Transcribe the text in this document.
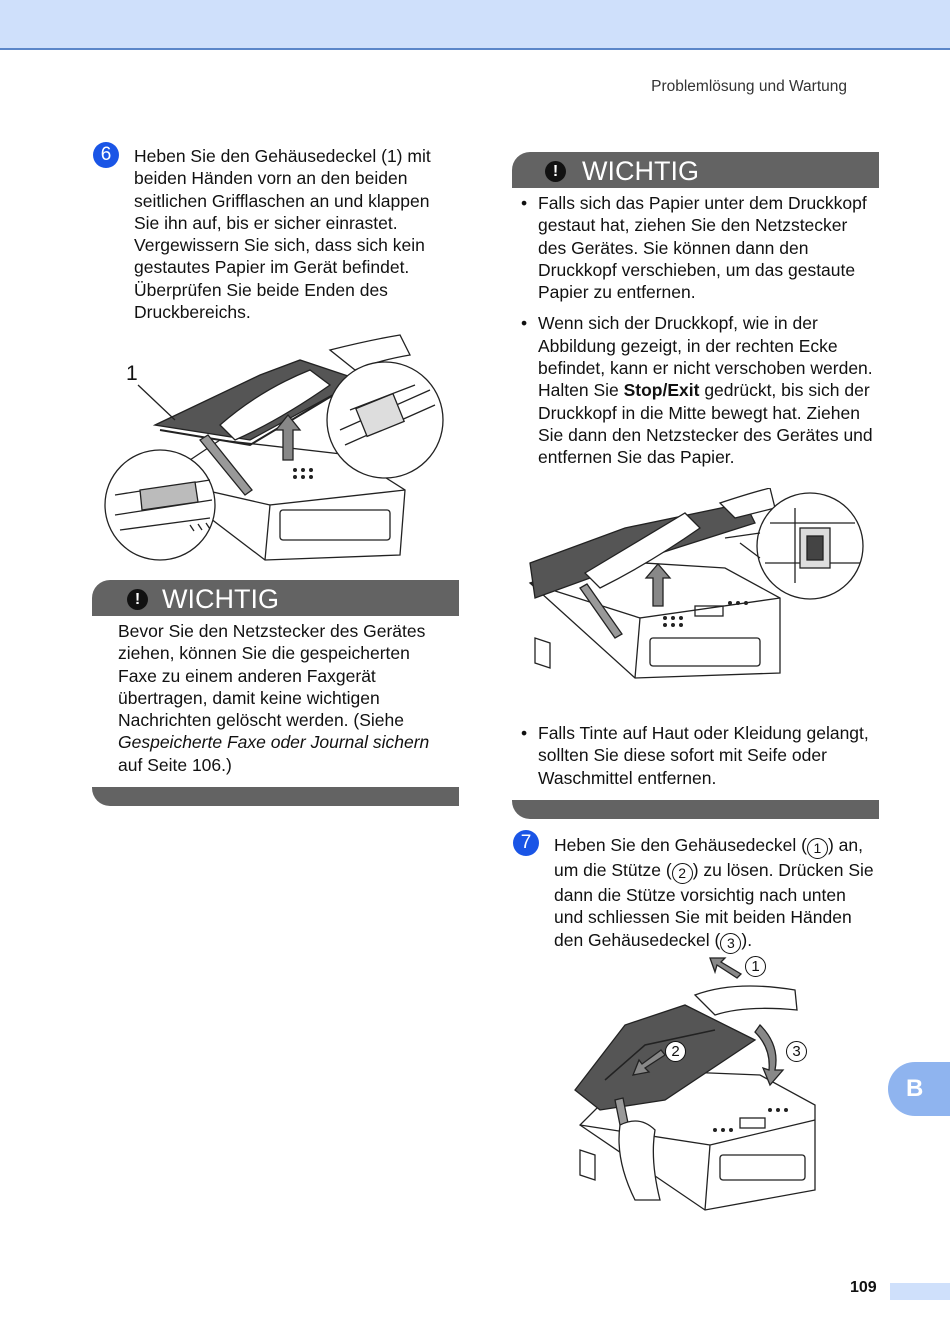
Problemlösung und Wartung
6	Heben Sie den Gehäusedeckel (1) mit beiden Händen vorn an den beiden seitlichen Grifflaschen an und klappen Sie ihn auf, bis er sicher einrastet. Vergewissern Sie sich, dass sich kein gestautes Papier im Gerät befindet. Überprüfen Sie beide Enden des Druckbereichs.
1
! WICHTIG
Bevor Sie den Netzstecker des Gerätes ziehen, können Sie die gespeicherten Faxe zu einem anderen Faxgerät übertragen, damit keine wichtigen Nachrichten gelöscht werden. (Siehe Gespeicherte Faxe oder Journal sichern auf Seite 106.)
! WICHTIG
• Falls sich das Papier unter dem Druckkopf gestaut hat, ziehen Sie den Netzstecker des Gerätes. Sie können dann den Druckkopf verschieben, um das gestaute Papier zu entfernen.
• Wenn sich der Druckkopf, wie in der Abbildung gezeigt, in der rechten Ecke befindet, kann er nicht verschoben werden. Halten Sie Stop/Exit gedrückt, bis sich der Druckkopf in die Mitte bewegt hat. Ziehen Sie dann den Netzstecker des Gerätes und entfernen Sie das Papier.
• Falls Tinte auf Haut oder Kleidung gelangt, sollten Sie diese sofort mit Seife oder Waschmittel entfernen.
7	Heben Sie den Gehäusedeckel ( 1 ) an, um die Stütze ( 2 ) zu lösen. Drücken Sie dann die Stütze vorsichtig nach unten und schliessen Sie mit beiden Händen den Gehäusedeckel ( 3 ).
1
2	3
B
109
